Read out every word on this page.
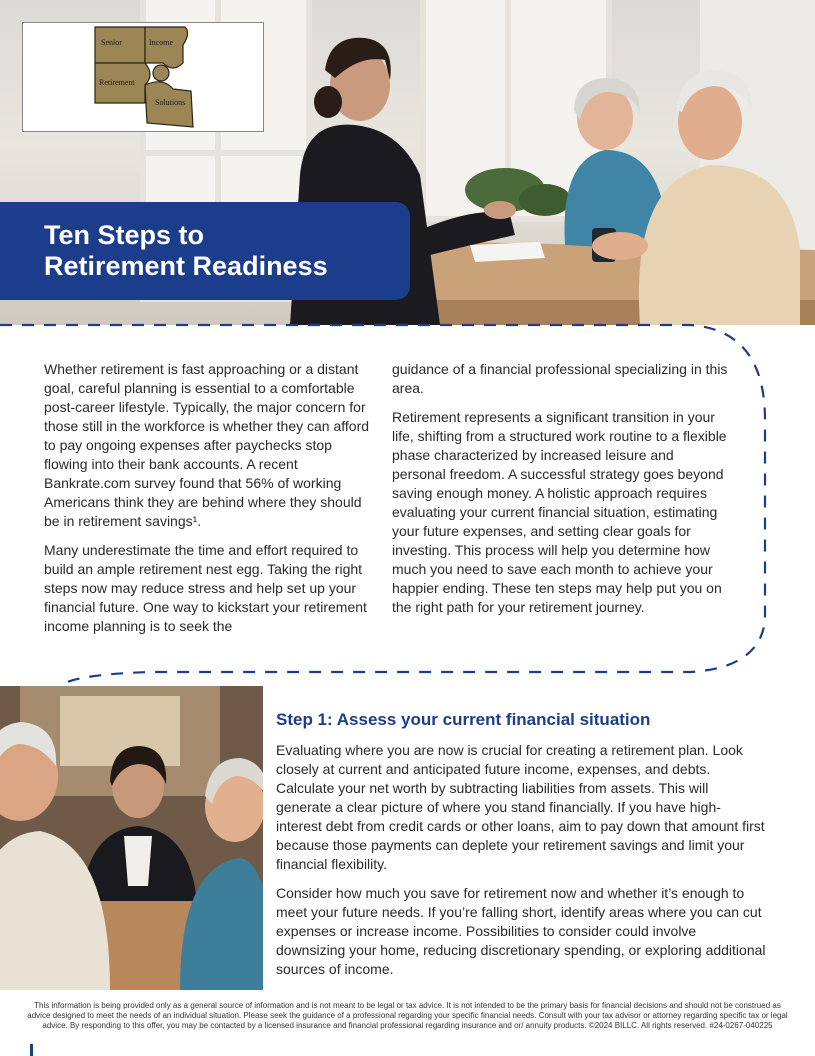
Senior	Income
Retirement
Solutions
Ten Steps to
Retirement Readiness

Whether retirement is fast approaching or a distant goal, careful planning is essential to a comfortable post-career lifestyle. Typically, the major concern for those still in the workforce is whether they can afford to pay ongoing expenses after paychecks stop flowing into their bank accounts. A recent Bankrate.com survey found that 56% of working Americans think they are behind where they should be in retirement savings¹.

Many underestimate the time and effort required to build an ample retirement nest egg. Taking the right steps now may reduce stress and help set up your financial future. One way to kickstart your retirement income planning is to seek the

guidance of a financial professional specializing in this area.

Retirement represents a significant transition in your life, shifting from a structured work routine to a flexible phase characterized by increased leisure and personal freedom. A successful strategy goes beyond saving enough money. A holistic approach requires evaluating your current financial situation, estimating your future expenses, and setting clear goals for investing. This process will help you determine how much you need to save each month to achieve your happier ending. These ten steps may help put you on the right path for your retirement journey.

Step 1: Assess your current financial situation

Evaluating where you are now is crucial for creating a retirement plan. Look closely at current and anticipated future income, expenses, and debts. Calculate your net worth by subtracting liabilities from assets. This will generate a clear picture of where you stand financially. If you have high-interest debt from credit cards or other loans, aim to pay down that amount first because those payments can deplete your retirement savings and limit your financial flexibility.

Consider how much you save for retirement now and whether it’s enough to meet your future needs. If you’re falling short, identify areas where you can cut expenses or increase income. Possibilities to consider could involve downsizing your home, reducing discretionary spending, or exploring additional sources of income.

This information is being provided only as a general source of information and is not meant to be legal or tax advice. It is not intended to be the primary basis for financial decisions and should not be construed as advice designed to meet the needs of an individual situation. Please seek the guidance of a professional regarding your specific financial needs. Consult with your tax advisor or attorney regarding specific tax or legal advice. By responding to this offer, you may be contacted by a licensed insurance and financial professional regarding insurance and or/ annuity products. ©2024 BILLC. All rights reserved. #24-0267-040225
